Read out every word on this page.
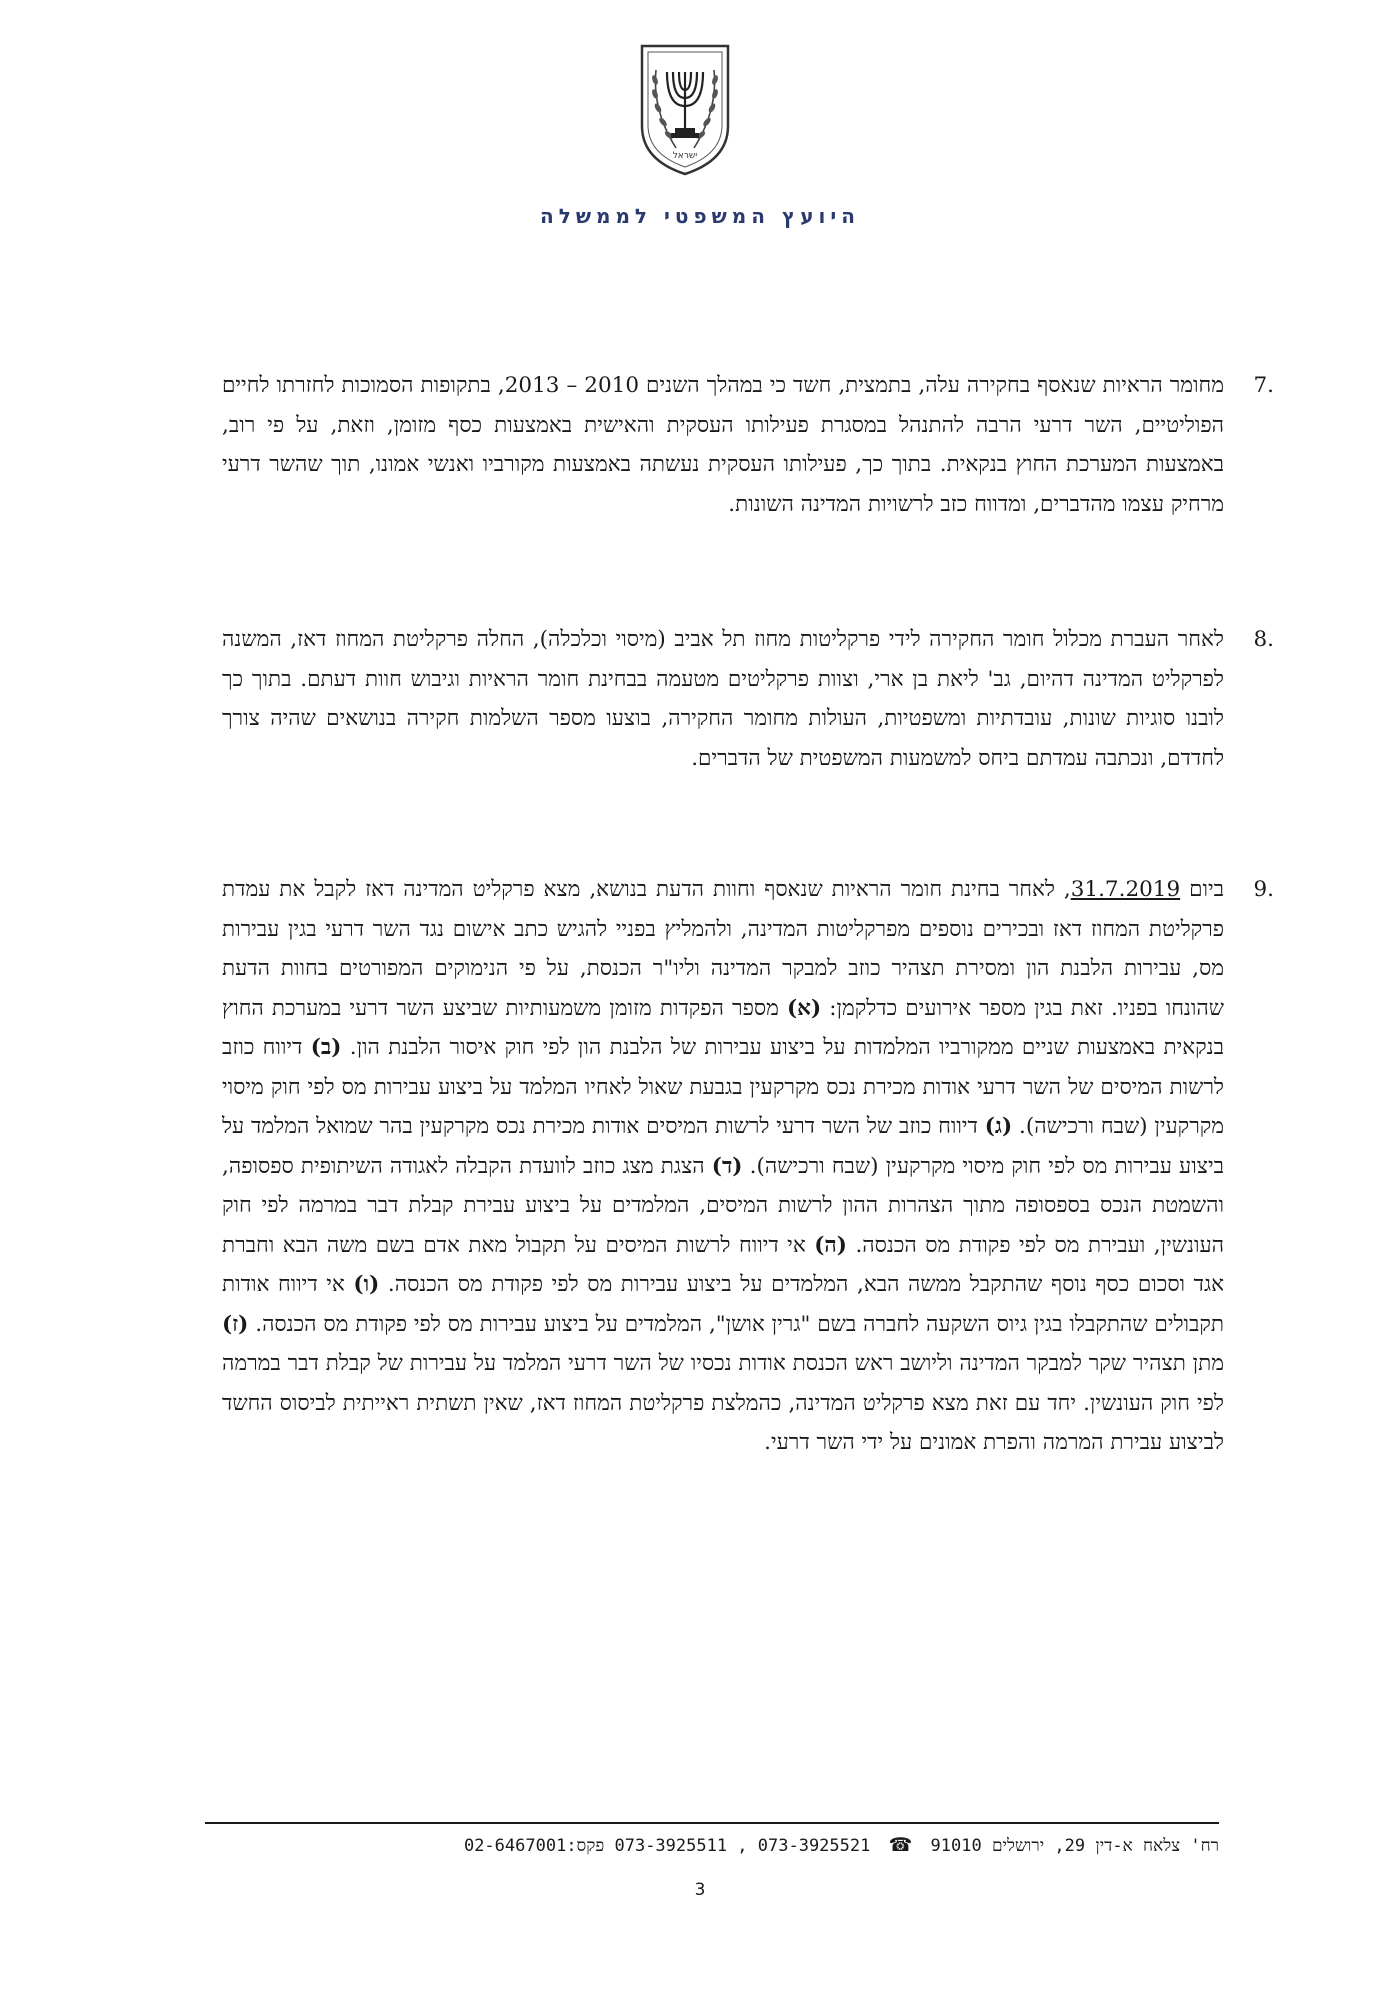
ישראל
היועץ המשפטי לממשלה
.7
מחומר הראיות שנאסף בחקירה עלה, בתמצית, חשד כי במהלך השנים 2010 – 2013, בתקופות הסמוכות לחזרתו לחיים הפוליטיים, השר דרעי הרבה להתנהל במסגרת פעילותו העסקית והאישית באמצעות כסף מזומן, וזאת, על פי רוב, באמצעות המערכת החוץ בנקאית. בתוך כך, פעילותו העסקית נעשתה באמצעות מקורביו ואנשי אמונו, תוך שהשר דרעי מרחיק עצמו מהדברים, ומדווח כזב לרשויות המדינה השונות.
.8
לאחר העברת מכלול חומר החקירה לידי פרקליטות מחוז תל אביב (מיסוי וכלכלה), החלה פרקליטת המחוז דאז, המשנה לפרקליט המדינה דהיום, גב' ליאת בן ארי, וצוות פרקליטים מטעמה בבחינת חומר הראיות וגיבוש חוות דעתם. בתוך כך לובנו סוגיות שונות, עובדתיות ומשפטיות, העולות מחומר החקירה, בוצעו מספר השלמות חקירה בנושאים שהיה צורך לחדדם, ונכתבה עמדתם ביחס למשמעות המשפטית של הדברים.
.9
ביום 31.7.2019, לאחר בחינת חומר הראיות שנאסף וחוות הדעת בנושא, מצא פרקליט המדינה דאז לקבל את עמדת פרקליטת המחוז דאז ובכירים נוספים מפרקליטות המדינה, ולהמליץ בפניי להגיש כתב אישום נגד השר דרעי בגין עבירות מס, עבירות הלבנת הון ומסירת תצהיר כוזב למבקר המדינה וליו"ר הכנסת, על פי הנימוקים המפורטים בחוות הדעת שהונחו בפניו. זאת בגין מספר אירועים כדלקמן: (א) מספר הפקדות מזומן משמעותיות שביצע השר דרעי במערכת החוץ בנקאית באמצעות שניים ממקורביו המלמדות על ביצוע עבירות של הלבנת הון לפי חוק איסור הלבנת הון. (ב) דיווח כוזב לרשות המיסים של השר דרעי אודות מכירת נכס מקרקעין בגבעת שאול לאחיו המלמד על ביצוע עבירות מס לפי חוק מיסוי מקרקעין (שבח ורכישה). (ג) דיווח כוזב של השר דרעי לרשות המיסים אודות מכירת נכס מקרקעין בהר שמואל המלמד על ביצוע עבירות מס לפי חוק מיסוי מקרקעין (שבח ורכישה). (ד) הצגת מצג כוזב לוועדת הקבלה לאגודה השיתופית ספסופה, והשמטת הנכס בספסופה מתוך הצהרות ההון לרשות המיסים, המלמדים על ביצוע עבירת קבלת דבר במרמה לפי חוק העונשין, ועבירת מס לפי פקודת מס הכנסה. (ה) אי דיווח לרשות המיסים על תקבול מאת אדם בשם משה הבא וחברת אגד וסכום כסף נוסף שהתקבל ממשה הבא, המלמדים על ביצוע עבירות מס לפי פקודת מס הכנסה. (ו) אי דיווח אודות תקבולים שהתקבלו בגין גיוס השקעה לחברה בשם "גרין אושן", המלמדים על ביצוע עבירות מס לפי פקודת מס הכנסה. (ז) מתן תצהיר שקר למבקר המדינה וליושב ראש הכנסת אודות נכסיו של השר דרעי המלמד על עבירות של קבלת דבר במרמה לפי חוק העונשין. יחד עם זאת מצא פרקליט המדינה, כהמלצת פרקליטת המחוז דאז, שאין תשתית ראייתית לביסוס החשד לביצוע עבירת המרמה והפרת אמונים על ידי השר דרעי.
רח' צלאח א-דין 29, ירושלים 91010 ☎ 073-3925511 , 073-3925521 פקס:02-6467001
3
